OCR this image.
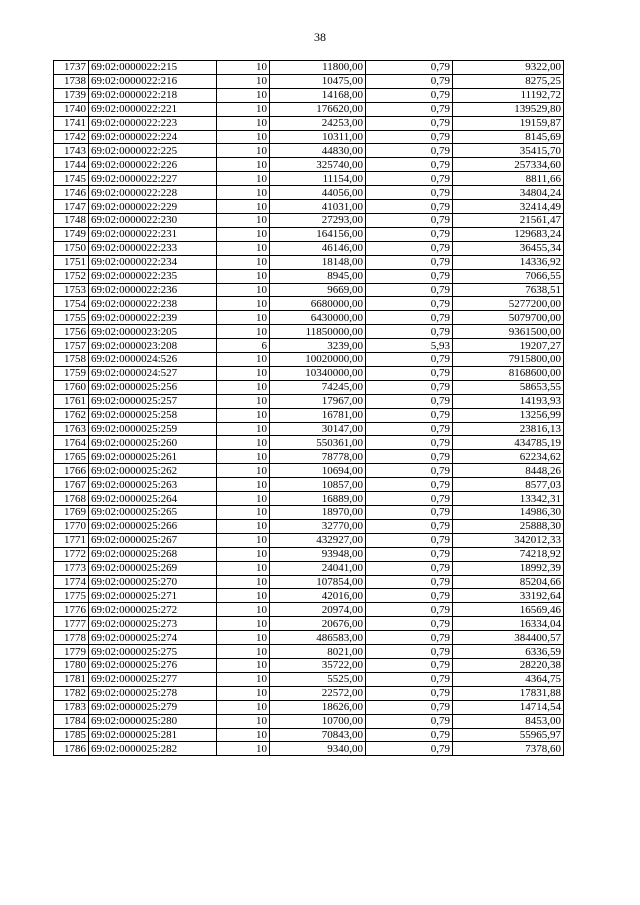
38
1737	69:02:0000022:215	10	11800,00	0,79	9322,00
1738	69:02:0000022:216	10	10475,00	0,79	8275,25
1739	69:02:0000022:218	10	14168,00	0,79	11192,72
1740	69:02:0000022:221	10	176620,00	0,79	139529,80
1741	69:02:0000022:223	10	24253,00	0,79	19159,87
1742	69:02:0000022:224	10	10311,00	0,79	8145,69
1743	69:02:0000022:225	10	44830,00	0,79	35415,70
1744	69:02:0000022:226	10	325740,00	0,79	257334,60
1745	69:02:0000022:227	10	11154,00	0,79	8811,66
1746	69:02:0000022:228	10	44056,00	0,79	34804,24
1747	69:02:0000022:229	10	41031,00	0,79	32414,49
1748	69:02:0000022:230	10	27293,00	0,79	21561,47
1749	69:02:0000022:231	10	164156,00	0,79	129683,24
1750	69:02:0000022:233	10	46146,00	0,79	36455,34
1751	69:02:0000022:234	10	18148,00	0,79	14336,92
1752	69:02:0000022:235	10	8945,00	0,79	7066,55
1753	69:02:0000022:236	10	9669,00	0,79	7638,51
1754	69:02:0000022:238	10	6680000,00	0,79	5277200,00
1755	69:02:0000022:239	10	6430000,00	0,79	5079700,00
1756	69:02:0000023:205	10	11850000,00	0,79	9361500,00
1757	69:02:0000023:208	6	3239,00	5,93	19207,27
1758	69:02:0000024:526	10	10020000,00	0,79	7915800,00
1759	69:02:0000024:527	10	10340000,00	0,79	8168600,00
1760	69:02:0000025:256	10	74245,00	0,79	58653,55
1761	69:02:0000025:257	10	17967,00	0,79	14193,93
1762	69:02:0000025:258	10	16781,00	0,79	13256,99
1763	69:02:0000025:259	10	30147,00	0,79	23816,13
1764	69:02:0000025:260	10	550361,00	0,79	434785,19
1765	69:02:0000025:261	10	78778,00	0,79	62234,62
1766	69:02:0000025:262	10	10694,00	0,79	8448,26
1767	69:02:0000025:263	10	10857,00	0,79	8577,03
1768	69:02:0000025:264	10	16889,00	0,79	13342,31
1769	69:02:0000025:265	10	18970,00	0,79	14986,30
1770	69:02:0000025:266	10	32770,00	0,79	25888,30
1771	69:02:0000025:267	10	432927,00	0,79	342012,33
1772	69:02:0000025:268	10	93948,00	0,79	74218,92
1773	69:02:0000025:269	10	24041,00	0,79	18992,39
1774	69:02:0000025:270	10	107854,00	0,79	85204,66
1775	69:02:0000025:271	10	42016,00	0,79	33192,64
1776	69:02:0000025:272	10	20974,00	0,79	16569,46
1777	69:02:0000025:273	10	20676,00	0,79	16334,04
1778	69:02:0000025:274	10	486583,00	0,79	384400,57
1779	69:02:0000025:275	10	8021,00	0,79	6336,59
1780	69:02:0000025:276	10	35722,00	0,79	28220,38
1781	69:02:0000025:277	10	5525,00	0,79	4364,75
1782	69:02:0000025:278	10	22572,00	0,79	17831,88
1783	69:02:0000025:279	10	18626,00	0,79	14714,54
1784	69:02:0000025:280	10	10700,00	0,79	8453,00
1785	69:02:0000025:281	10	70843,00	0,79	55965,97
1786	69:02:0000025:282	10	9340,00	0,79	7378,60
